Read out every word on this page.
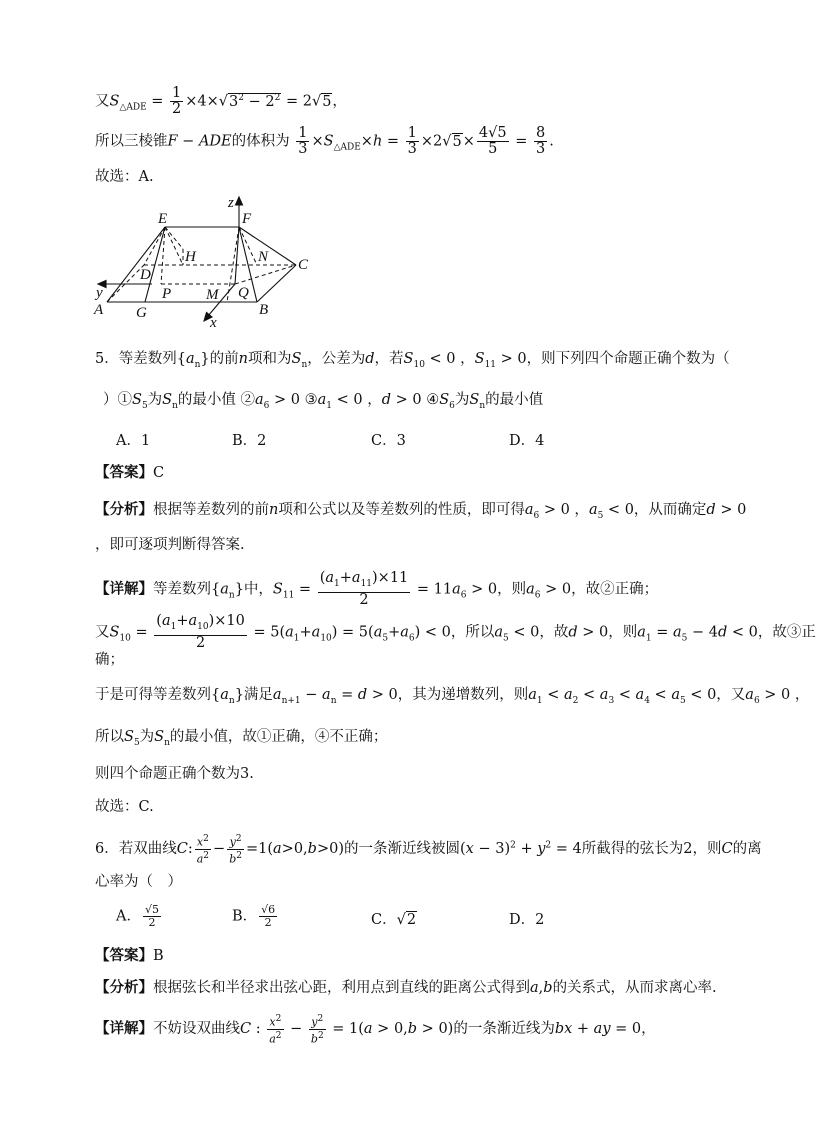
又$S_{\triangle ADE} = \frac{1}{2} \times 4\times√3^2 - 2^2 = 2√5$，
所以三棱锥F − ADE的体积为 $\frac{1}{3} \times S_{\triangle ADE}\times h = \frac{1}{3} \times 2√5\times \frac{4√5}{5} = \frac{8}{3}$ .
故选：A.
E	F
z
H	N C
D
y	P M Q
A G	B
x
5．等差数列$\{a_n\}$的前n项和为$S_n$，公差为d，若$S_{10} < 0$ ，$S_{11} > 0$，则下列四个命题正确个数为（
）$①S_5$为$S_n$的最小值 $②a_6 > 0$ $③a_1 < 0$ ，d > 0 $④S_6$为$S_n$的最小值
A．1	B．2	C．3	D．4
【答案】C
【分析】根据等差数列的前n项和公式以及等差数列的性质，即可得$a_6 > 0$ ，$a_5 < 0$，从而确定d > 0
，即可逐项判断得答案.
【详解】等差数列$\{a_n\}$中，$S_{11} = \frac{(a_1+a_{11})\times 11}{2} = 11a_6 > 0$，则$a_6 > 0$，故②正确；
又$S_{10} = \frac{(a_1+a_{10})\times 10}{2} = 5(a_1+a_{10}) = 5(a_5+a_6) < 0$，所以$a_5 < 0$，故d > 0，则$a_1 = a_5 - 4d < 0$，故③正
确；
于是可得等差数列$\{a_n\}$满足$a_{n+1} - a_n = d > 0$，其为递增数列，则$a_1 < a_2 < a_3 < a_4 < a_5 < 0$，又$a_6 > 0$ ，
所以$S_5$为$S_n$的最小值，故①正确，④不正确；
则四个命题正确个数为3.
故选：C.
6．若双曲线C: $\frac{x^2}{a^2} - \frac{y^2}{b^2} =1(a>0,b>0)$的一条渐近线被圆$(x - 3)^2 + y^2 = 4$所截得的弦长为2，则C的离
心率为（　）
A． $\frac{√5}{2}$	B． $\frac{√6}{2}$	C．√2	D．2
【答案】B
【分析】根据弦长和半径求出弦心距，利用点到直线的距离公式得到a,b的关系式，从而求离心率.
【详解】不妨设双曲线C : $\frac{x^2}{a^2} - \frac{y^2}{b^2} = 1(a > 0,b > 0)$的一条渐近线为bx + ay = 0，
